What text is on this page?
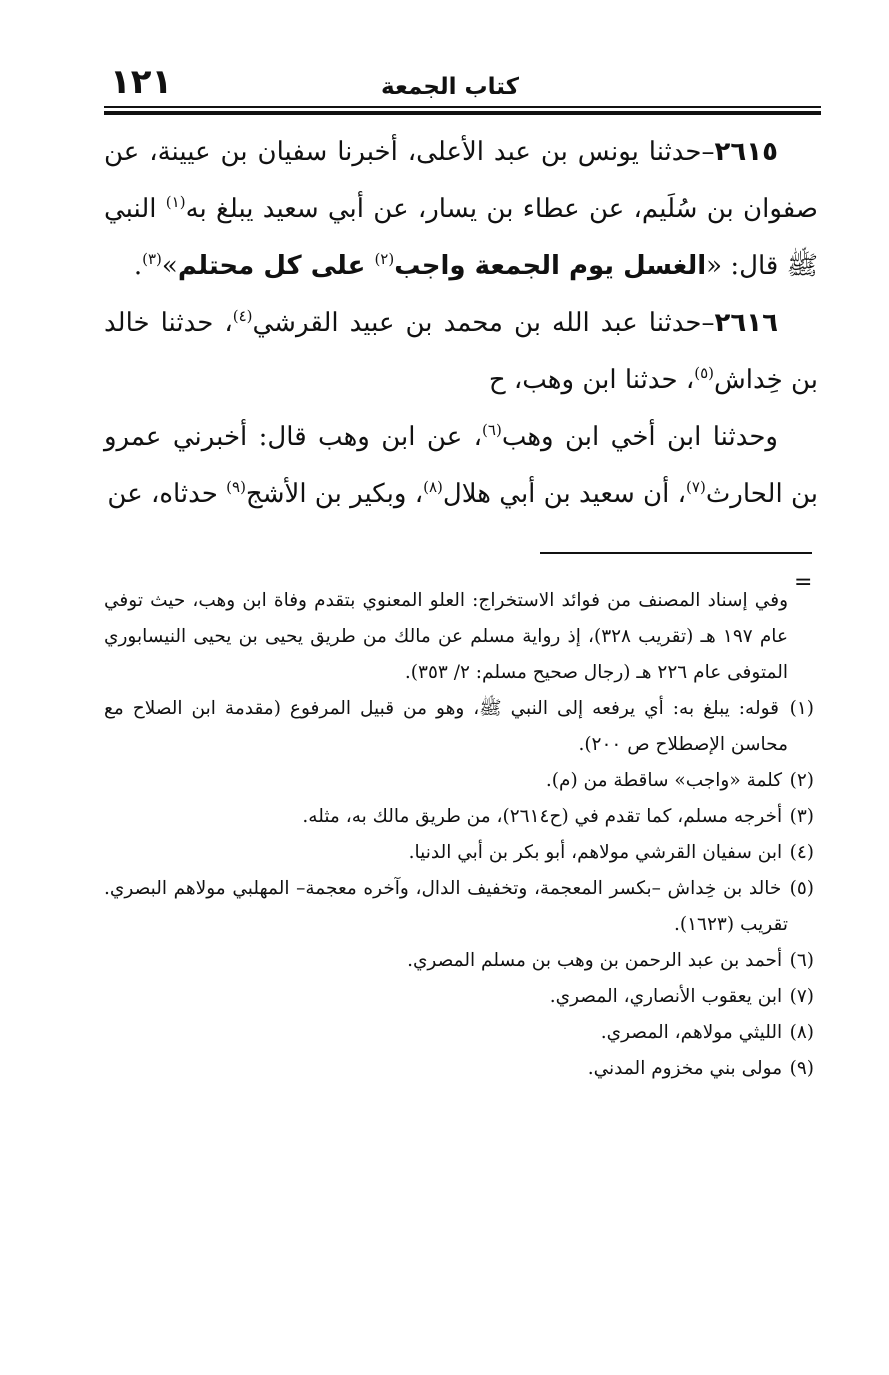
١٢١	كتاب الجمعة

٢٦١٥–حدثنا يونس بن عبد الأعلى، أخبرنا سفيان بن عيينة، عن صفوان بن سُلَيم، عن عطاء بن يسار، عن أبي سعيد يبلغ به$^{(١)}$ النبي ﷺ قال: «الغسل يوم الجمعة واجب$^{(٢)}$ على كل محتلم»$^{(٣)}$.

٢٦١٦–حدثنا عبد الله بن محمد بن عبيد القرشي$^{(٤)}$، حدثنا خالد بن خِداش$^{(٥)}$، حدثنا ابن وهب، ح

وحدثنا ابن أخي ابن وهب$^{(٦)}$، عن ابن وهب قال: أخبرني عمرو بن الحارث$^{(٧)}$، أن سعيد بن أبي هلال$^{(٨)}$، وبكير بن الأشج$^{(٩)}$ حدثاه، عن

=

وفي إسناد المصنف من فوائد الاستخراج: العلو المعنوي بتقدم وفاة ابن وهب، حيث توفي عام ١٩٧ هـ (تقريب ٣٢٨)، إذ رواية مسلم عن مالك من طريق يحيى بن يحيى النيسابوري المتوفى عام ٢٢٦ هـ (رجال صحيح مسلم: ٢/ ٣٥٣).

(١) قوله: يبلغ به: أي يرفعه إلى النبي ﷺ، وهو من قبيل المرفوع (مقدمة ابن الصلاح مع محاسن الإصطلاح ص ٢٠٠).

(٢) كلمة «واجب» ساقطة من (م).

(٣) أخرجه مسلم، كما تقدم في (ح٢٦١٤)، من طريق مالك به، مثله.

(٤) ابن سفيان القرشي مولاهم، أبو بكر بن أبي الدنيا.

(٥) خالد بن خِداش –بكسر المعجمة، وتخفيف الدال، وآخره معجمة– المهلبي مولاهم البصري. تقريب (١٦٢٣).

(٦) أحمد بن عبد الرحمن بن وهب بن مسلم المصري.

(٧) ابن يعقوب الأنصاري، المصري.

(٨) الليثي مولاهم، المصري.

(٩) مولى بني مخزوم المدني.
